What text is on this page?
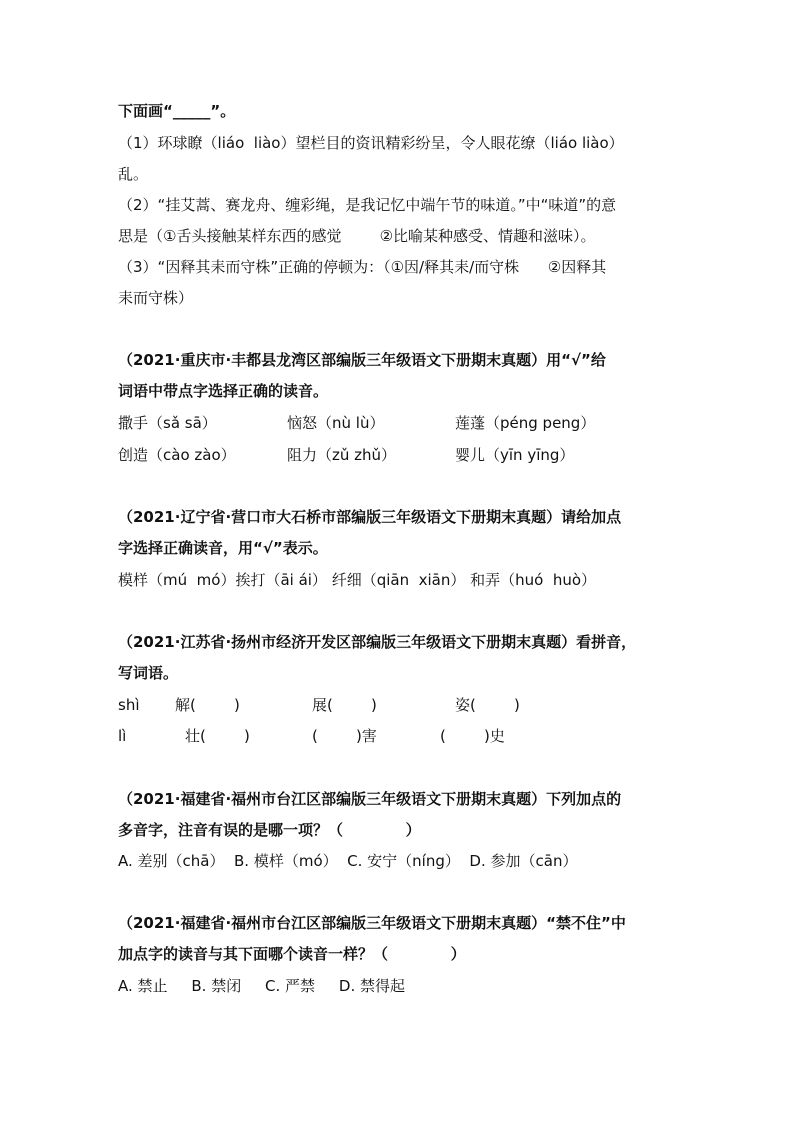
下面画“_____”。
（1）环球瞭（liáo  liào）望栏目的资讯精彩纷呈，令人眼花缭（liáo liào）
乱。
（2）“挂艾蒿、赛龙舟、缠彩绳，是我记忆中端午节的味道。”中“味道”的意
思是（①舌头接触某样东西的感觉        ②比喻某种感受、情趣和滋味）。
（3）“因释其耒而守株”正确的停顿为：（①因/释其耒/而守株      ②因释其
耒而守株）
（2021·重庆市·丰都县龙湾区部编版三年级语文下册期末真题）用“√”给
词语中带点字选择正确的读音。
撒手（sǎ sā）	恼怒（nù lù）	莲蓬（péng peng）
创造（cào zào）	阻力（zǔ zhǔ）	婴儿（yīn yīng）
（2021·辽宁省·营口市大石桥市部编版三年级语文下册期末真题）请给加点
字选择正确读音，用“√”表示。
模样（mú  mó）挨打（āi ái） 纤细（qiān  xiān） 和弄（huó  huò）
（2021·江苏省·扬州市经济开发区部编版三年级语文下册期末真题）看拼音，
写词语。
shì 解(        )	展(        )	姿(        )
lì	壮(        )	(        )害	(        )史
（2021·福建省·福州市台江区部编版三年级语文下册期末真题）下列加点的
多音字，注音有误的是哪一项？（            ）
A. 差别（chā）  B. 模样（mó）  C. 安宁（níng）  D. 参加（cān）
（2021·福建省·福州市台江区部编版三年级语文下册期末真题）“禁不住”中
加点字的读音与其下面哪个读音一样？（            ）
A. 禁止     B. 禁闭     C. 严禁     D. 禁得起
